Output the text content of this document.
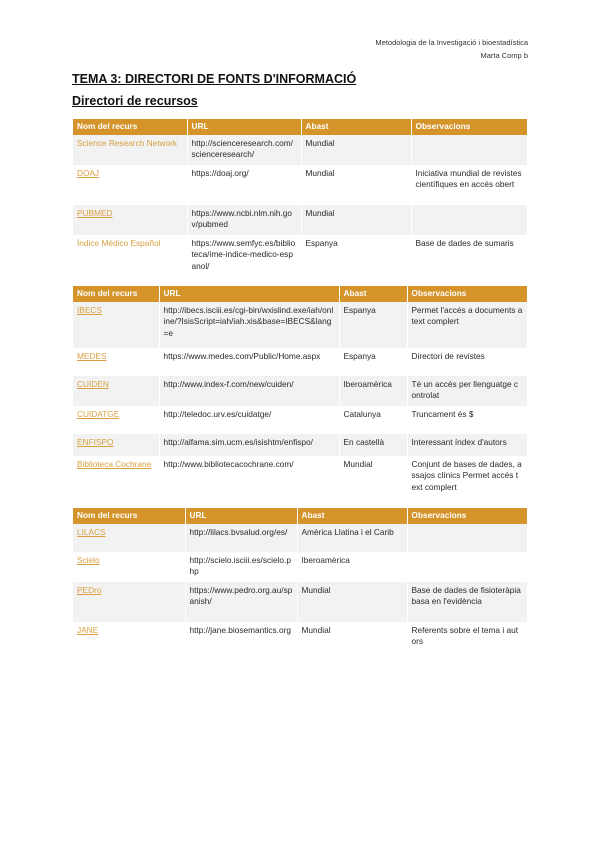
Metodologia de la Investigació i bioestadística
Marta Comp b
TEMA 3: DIRECTORI DE FONTS D'INFORMACIÓ
Directori de recursos
Nom del recurs	URL	Abast	Observacions
Science Research Network	http://scienceresearch.com/scienceresearch/	Mundial	
DOAJ	https://doaj.org/	Mundial	Iniciativa mundial de revistes científiques en accés obert
PUBMED	https://www.ncbi.nlm.nih.gov/pubmed	Mundial	
Índice Médico Español	https://www.semfyc.es/biblioteca/ime-indice-medico-espanol/	Espanya	Base de dades de sumaris
Nom del recurs	URL	Abast	Observacions
IBECS	http://ibecs.isciii.es/cgi-bin/wxislind.exe/iah/online/?IsisScript=iah/iah.xis&base=IBECS&lang=e	Espanya	Permet l'accés a documents a text complert
MEDES	https://www.medes.com/Public/Home.aspx	Espanya	Directori de revistes
CUIDEN	http://www.index-f.com/new/cuiden/	Iberoamèrica	Té un accés per llenguatge controlat
CUIDATGE	http://teledoc.urv.es/cuidatge/	Catalunya	Truncament és $
ENFISPO	http://alfama.sim.ucm.es/isishtm/enfispo/	En castellà	Interessant índex d'autors
Biblioteca Cochrane	http://www.bibliotecacochrane.com/	Mundial	Conjunt de bases de dades, assajos clínics Permet accés text complert
Nom del recurs	URL	Abast	Observacions
LILACS	http://lilacs.bvsalud.org/es/	Amèrica Llatina i el Carib	
Scielo	http://scielo.isciii.es/scielo.php	Iberoamèrica	
PEDro	https://www.pedro.org.au/spanish/	Mundial	Base de dades de fisioteràpia basa en l'evidència
JANE	http://jane.biosemantics.org	Mundial	Referents sobre el tema i autors
